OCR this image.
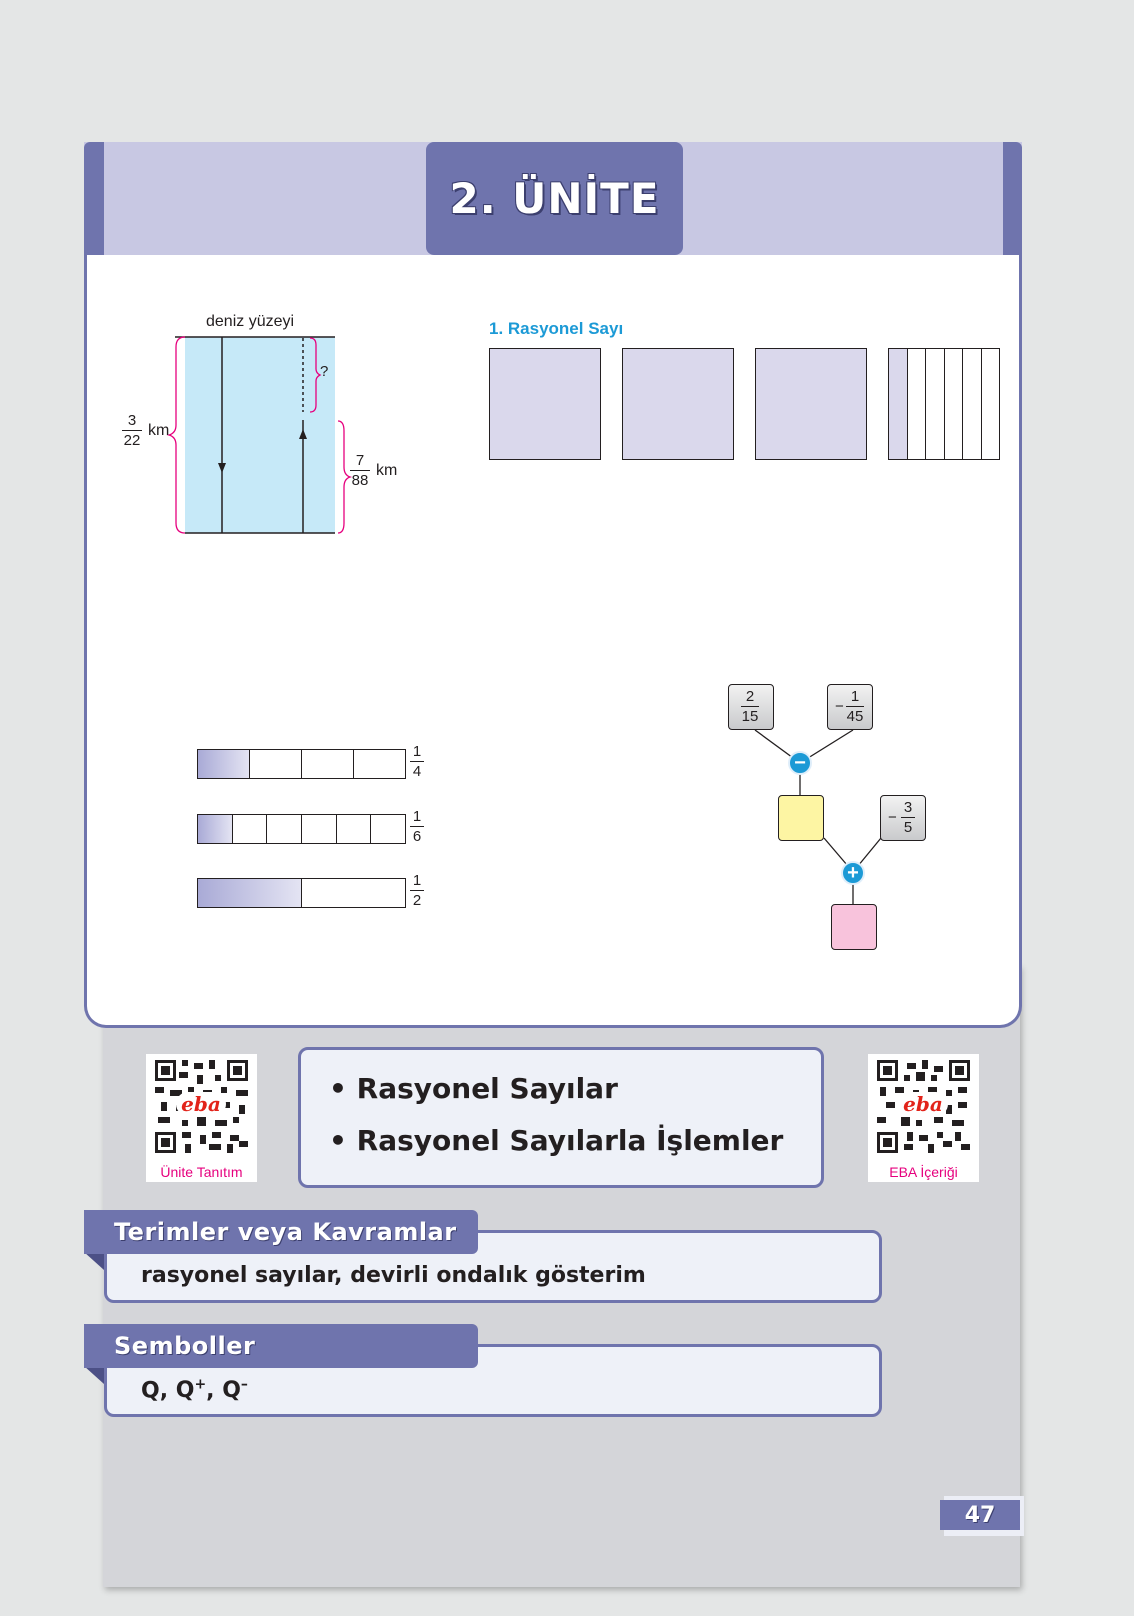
2. ÜNİTE
deniz yüzeyi
?
3
22
km
7
88
km
1. Rasyonel Sayı
1
4
1
6
1
2
2
15
−
1
45
−
−
3
5
+
eba
Ünite Tanıtım
• Rasyonel Sayılar
• Rasyonel Sayılarla İşlemler
eba
EBA İçeriği
rasyonel sayılar, devirli ondalık gösterim
Terimler veya Kavramlar
Q, Q+, Q–
Semboller
47
